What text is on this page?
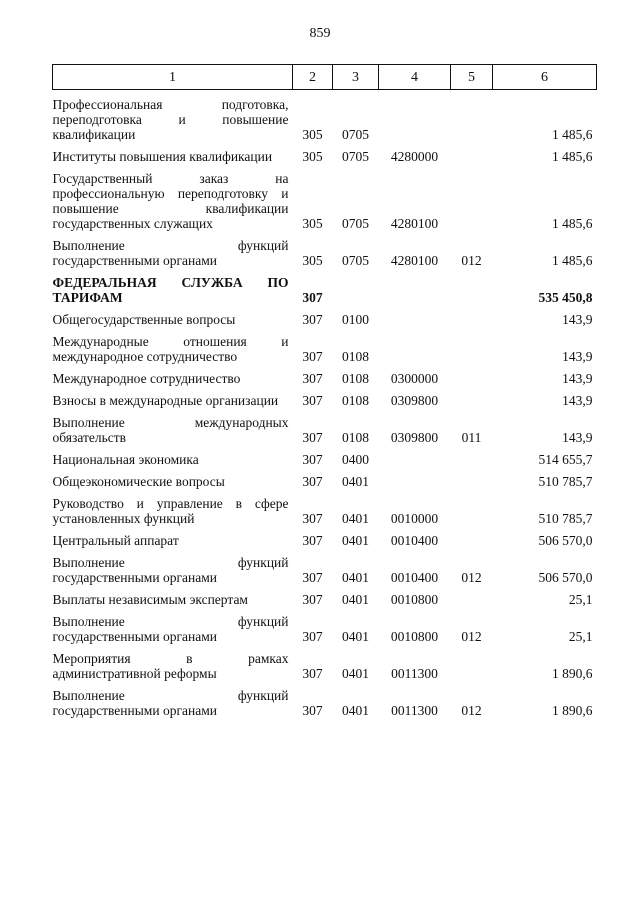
859
1	2	3	4	5	6
Профессиональная подготовка, переподготовка и повышение квалификации	305	0705			1 485,6
Институты повышения квалификации	305	0705	4280000		1 485,6
Государственный заказ на профессиональную переподготовку и повышение квалификации государственных служащих	305	0705	4280100		1 485,6
Выполнение функций государственными органами	305	0705	4280100	012	1 485,6
ФЕДЕРАЛЬНАЯ СЛУЖБА ПО ТАРИФАМ	307				535 450,8
Общегосударственные вопросы	307	0100			143,9
Международные отношения и международное сотрудничество	307	0108			143,9
Международное сотрудничество	307	0108	0300000		143,9
Взносы в международные организации	307	0108	0309800		143,9
Выполнение международных обязательств	307	0108	0309800	011	143,9
Национальная экономика	307	0400			514 655,7
Общеэкономические вопросы	307	0401			510 785,7
Руководство и управление в сфере установленных функций	307	0401	0010000		510 785,7
Центральный аппарат	307	0401	0010400		506 570,0
Выполнение функций государственными органами	307	0401	0010400	012	506 570,0
Выплаты независимым экспертам	307	0401	0010800		25,1
Выполнение функций государственными органами	307	0401	0010800	012	25,1
Мероприятия в рамках административной реформы	307	0401	0011300		1 890,6
Выполнение функций государственными органами	307	0401	0011300	012	1 890,6
